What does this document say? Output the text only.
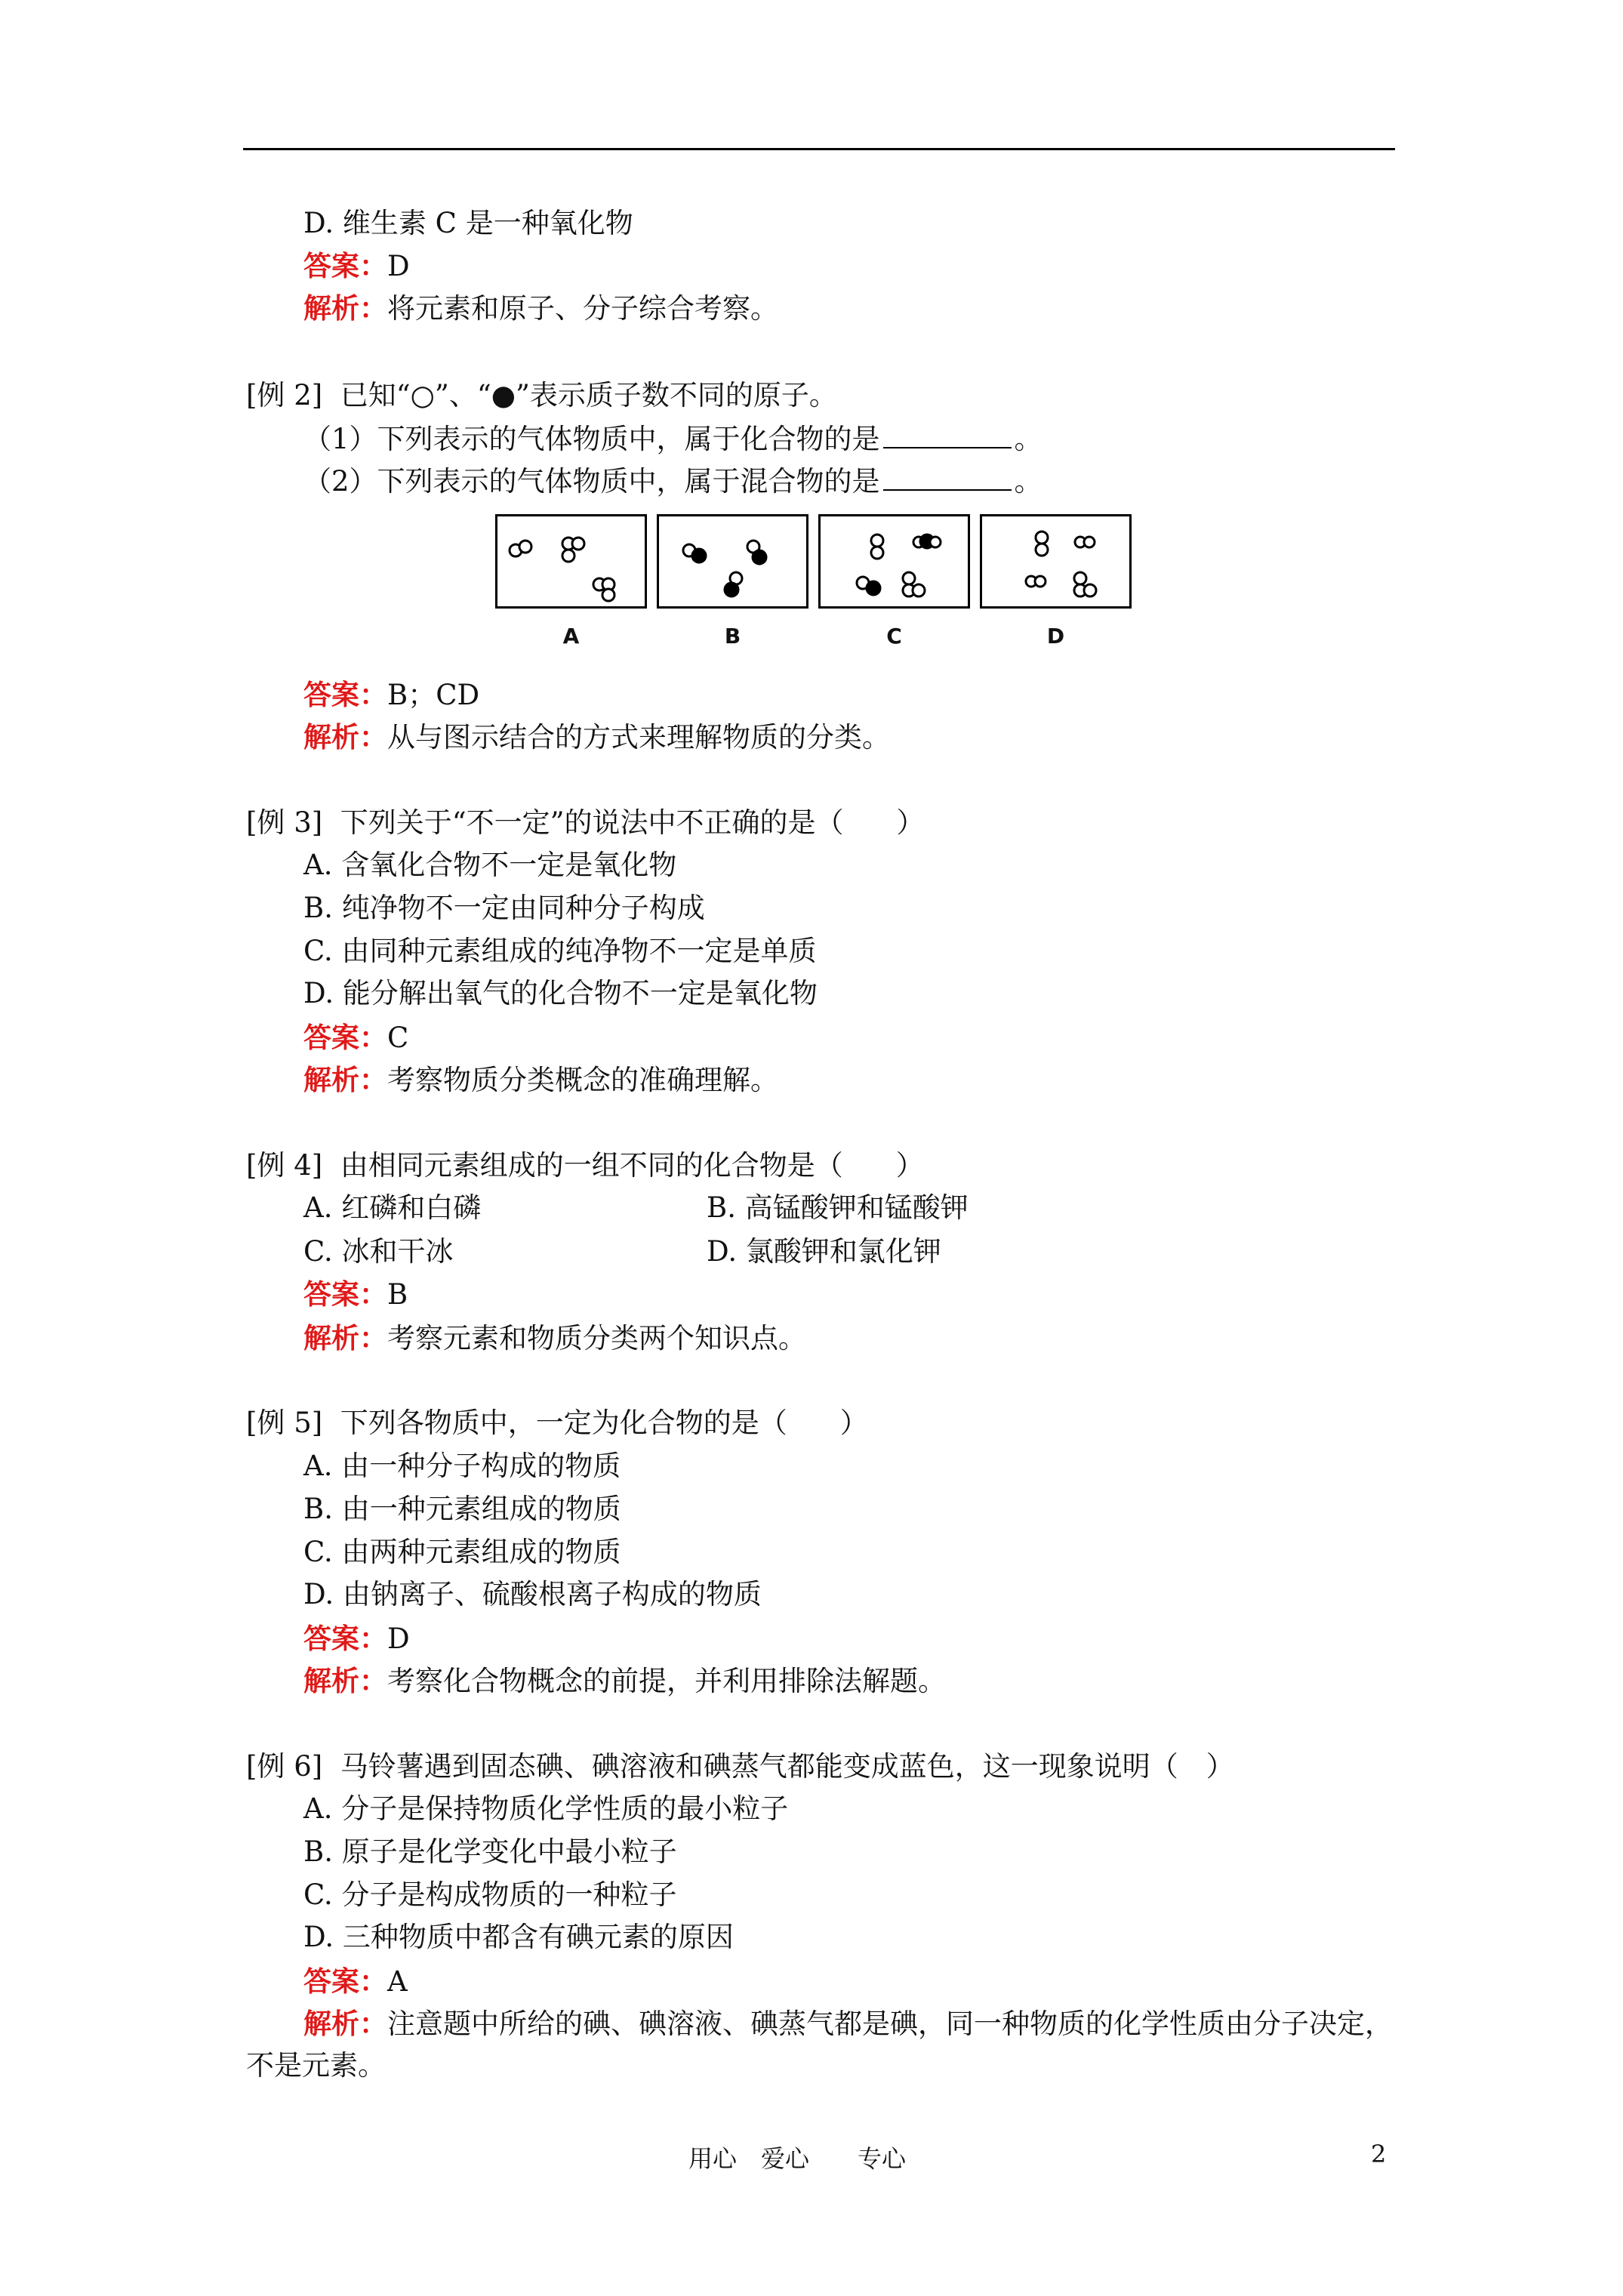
D. 维生素 C 是一种氧化物
答案：D
解析：将元素和原子、分子综合考察。
[例 2] 已知“○”、“●”表示质子数不同的原子。
（1）下列表示的气体物质中，属于化合物的是	。
（2）下列表示的气体物质中，属于混合物的是	。
A	B	C	D
答案：B；CD
解析：从与图示结合的方式来理解物质的分类。
[例 3] 下列关于“不一定”的说法中不正确的是（ ）
A. 含氧化合物不一定是氧化物
B. 纯净物不一定由同种分子构成
C. 由同种元素组成的纯净物不一定是单质
D. 能分解出氧气的化合物不一定是氧化物
答案：C
解析：考察物质分类概念的准确理解。
[例 4] 由相同元素组成的一组不同的化合物是（ ）
A. 红磷和白磷	B. 高锰酸钾和锰酸钾
C. 冰和干冰	D. 氯酸钾和氯化钾
答案：B
解析：考察元素和物质分类两个知识点。
[例 5] 下列各物质中，一定为化合物的是（ ）
A. 由一种分子构成的物质
B. 由一种元素组成的物质
C. 由两种元素组成的物质
D. 由钠离子、硫酸根离子构成的物质
答案：D
解析：考察化合物概念的前提，并利用排除法解题。
[例 6] 马铃薯遇到固态碘、碘溶液和碘蒸气都能变成蓝色，这一现象说明（　）
A. 分子是保持物质化学性质的最小粒子
B. 原子是化学变化中最小粒子
C. 分子是构成物质的一种粒子
D. 三种物质中都含有碘元素的原因
答案：A
解析：注意题中所给的碘、碘溶液、碘蒸气都是碘，同一种物质的化学性质由分子决定，
不是元素。
用心　爱心　　专心	2
